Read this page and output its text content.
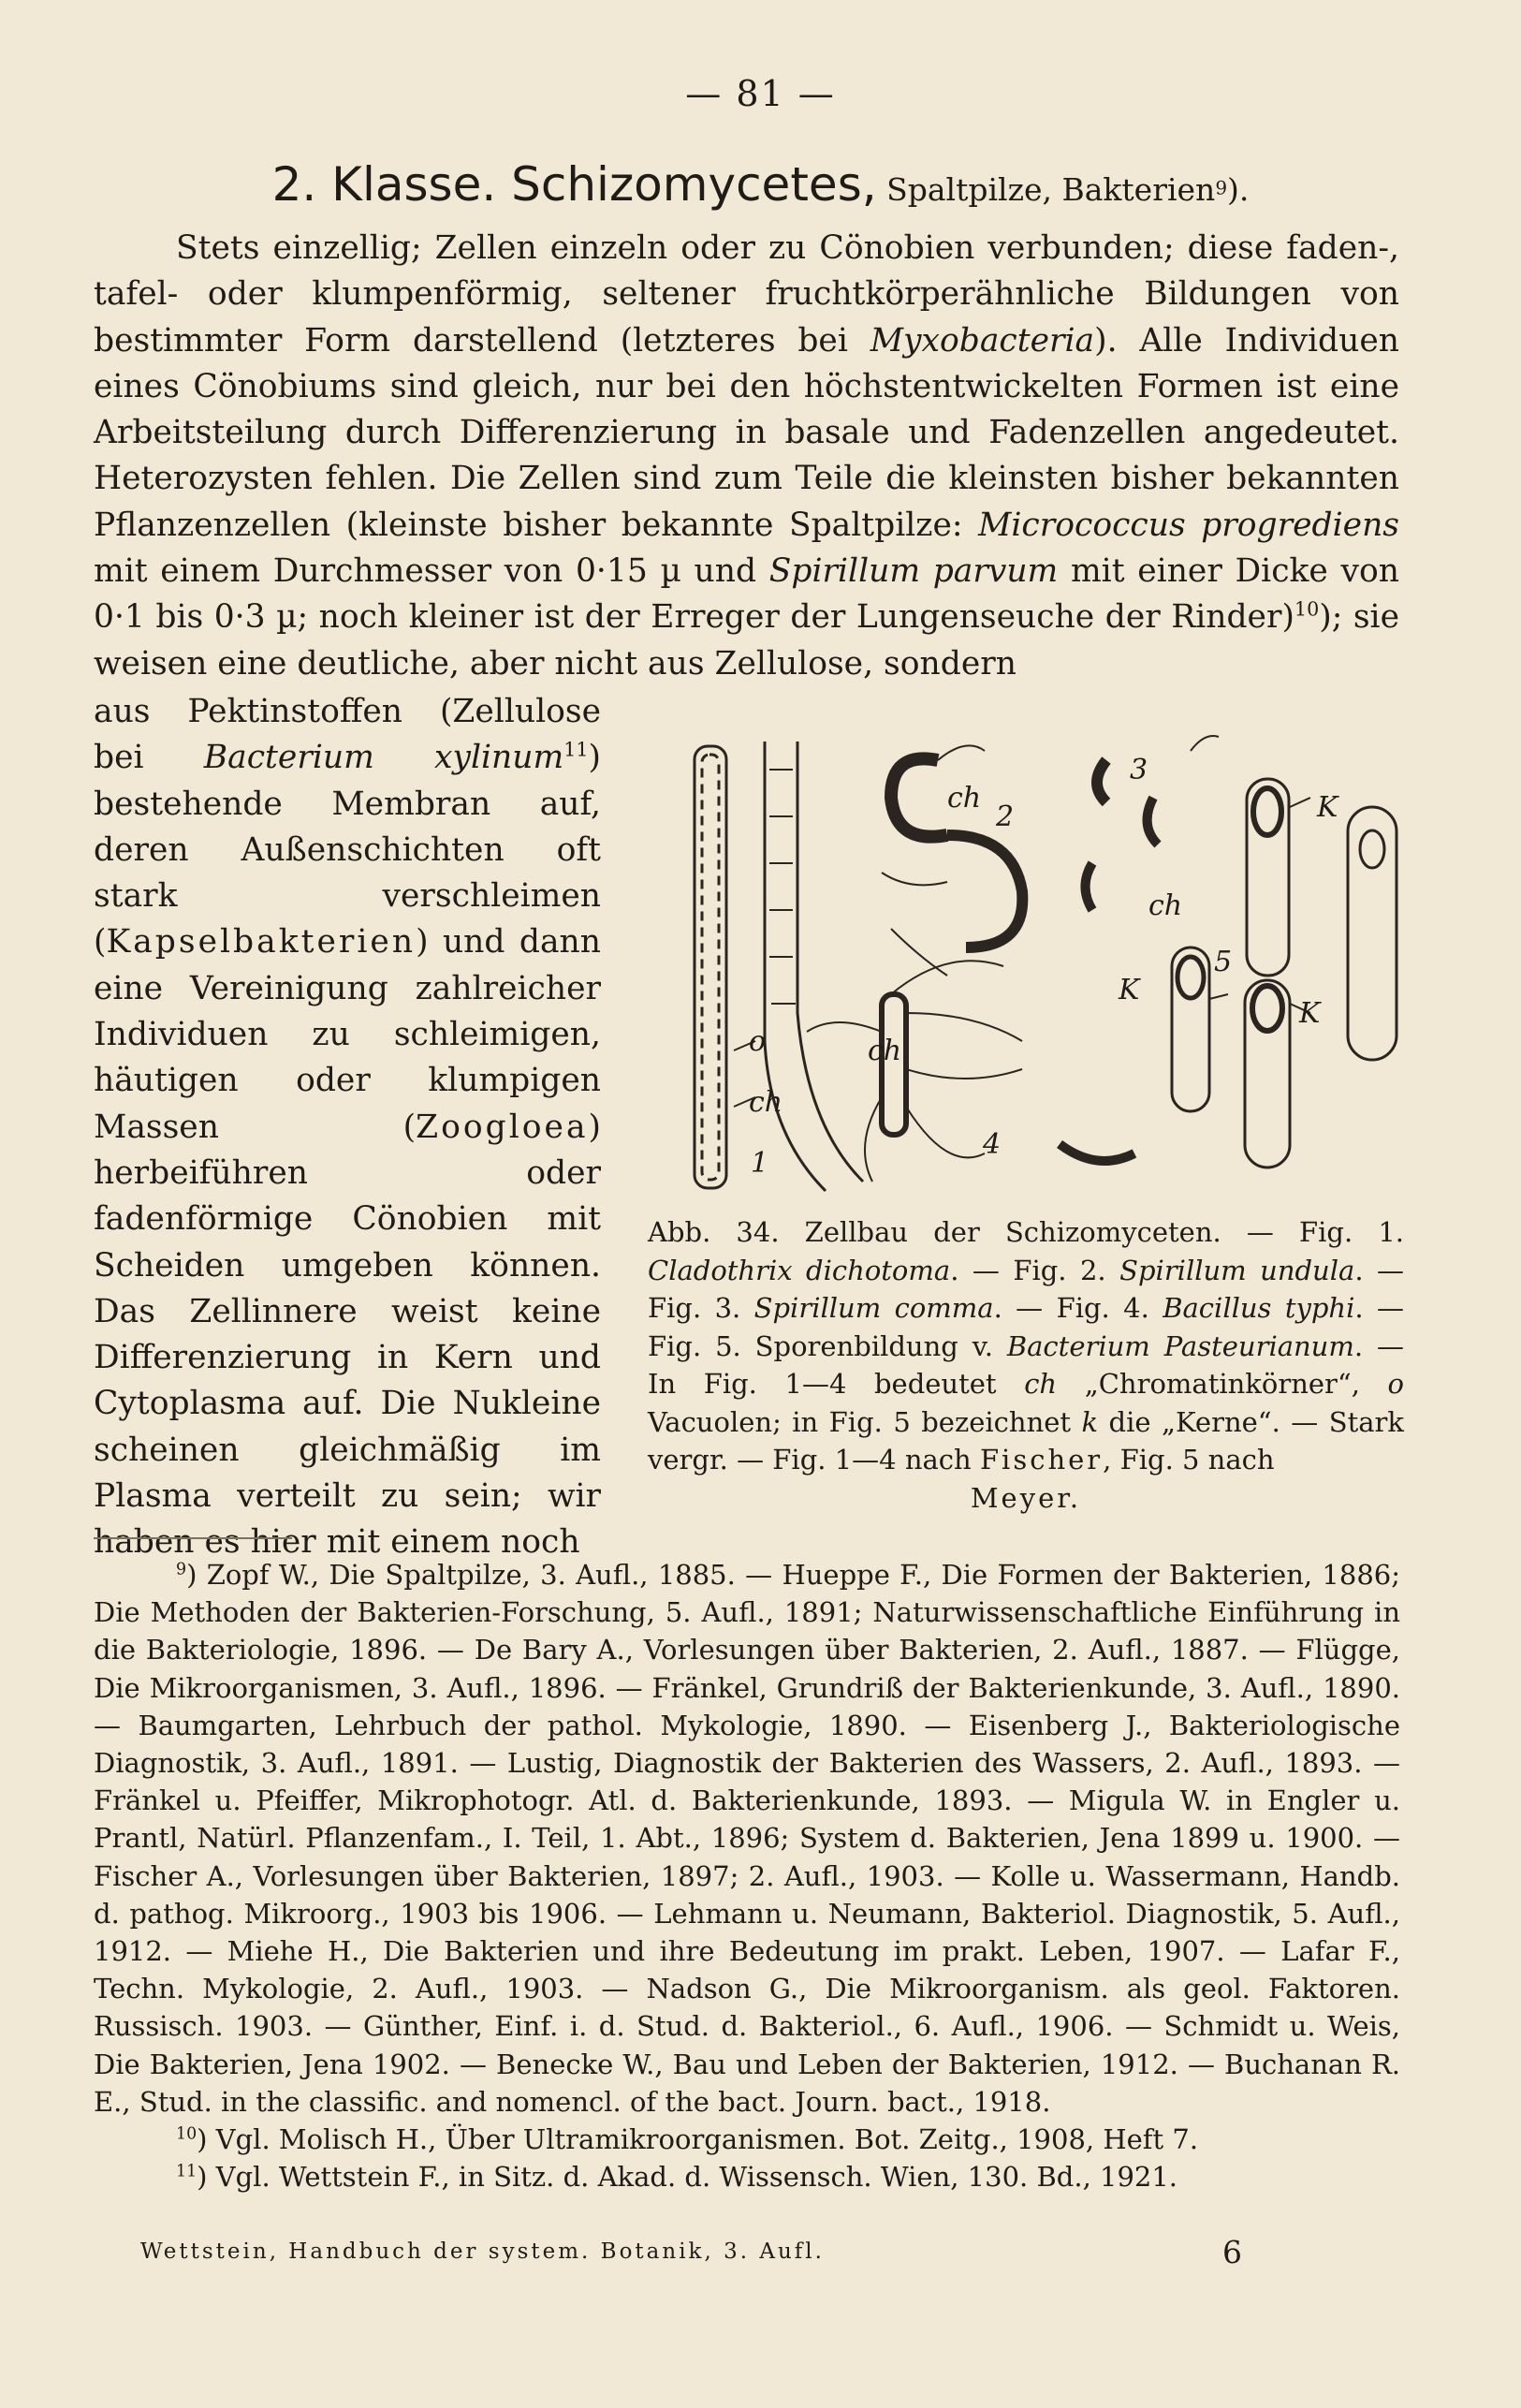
— 81 —
2. Klasse. Schizomycetes, Spaltpilze, Bakterien$^9$).

Stets einzellig; Zellen einzeln oder zu Cönobien verbunden; diese faden-, tafel- oder klumpenförmig, seltener fruchtkörperähnliche Bildungen von bestimmter Form darstellend (letzteres bei Myxobacteria). Alle Individuen eines Cönobiums sind gleich, nur bei den höchstentwickelten Formen ist eine Arbeitsteilung durch Differenzierung in basale und Fadenzellen angedeutet. Heterozysten fehlen. Die Zellen sind zum Teile die kleinsten bisher bekannten Pflanzenzellen (kleinste bisher bekannte Spaltpilze: Micrococcus progrediens mit einem Durchmesser von 0·15 µ und Spirillum parvum mit einer Dicke von 0·1 bis 0·3 µ; noch kleiner ist der Erreger der Lungenseuche der Rinder)$^{10}$); sie weisen eine deutliche, aber nicht aus Zellulose, sondern

aus Pektinstoffen (Zellulose bei Bacterium xylinum$^{11}$) bestehende Membran auf, deren Außenschichten oft stark verschleimen (Kapselbakterien) und dann eine Vereinigung zahlreicher Individuen zu schleimigen, häutigen oder klumpigen Massen (Zoogloea) herbeiführen oder fadenförmige Cönobien mit Scheiden umgeben können. Das Zellinnere weist keine Differenzierung in Kern und Cytoplasma auf. Die Nukleine scheinen gleichmäßig im Plasma verteilt zu sein; wir haben es hier mit einem noch

o
ch
1
ch
2
3
ch
ch
4
5
K
K
K
Abb. 34. Zellbau der Schizomyceten. — Fig. 1. Cladothrix dichotoma. — Fig. 2. Spirillum undula. — Fig. 3. Spirillum comma. — Fig. 4. Bacillus typhi. — Fig. 5. Sporenbildung v. Bacterium Pasteurianum. — In Fig. 1—4 bedeutet ch „Chromatinkörner“, o Vacuolen; in Fig. 5 bezeichnet k die „Kerne“. — Stark vergr. — Fig. 1—4 nach Fischer, Fig. 5 nach
Meyer.

$^9$) Zopf W., Die Spaltpilze, 3. Aufl., 1885. — Hueppe F., Die Formen der Bakterien, 1886; Die Methoden der Bakterien-Forschung, 5. Aufl., 1891; Naturwissenschaftliche Einführung in die Bakteriologie, 1896. — De Bary A., Vorlesungen über Bakterien, 2. Aufl., 1887. — Flügge, Die Mikroorganismen, 3. Aufl., 1896. — Fränkel, Grundriß der Bakterienkunde, 3. Aufl., 1890. — Baumgarten, Lehrbuch der pathol. Mykologie, 1890. — Eisenberg J., Bakteriologische Diagnostik, 3. Aufl., 1891. — Lustig, Diagnostik der Bakterien des Wassers, 2. Aufl., 1893. — Fränkel u. Pfeiffer, Mikrophotogr. Atl. d. Bakterienkunde, 1893. — Migula W. in Engler u. Prantl, Natürl. Pflanzenfam., I. Teil, 1. Abt., 1896; System d. Bakterien, Jena 1899 u. 1900. — Fischer A., Vorlesungen über Bakterien, 1897; 2. Aufl., 1903. — Kolle u. Wassermann, Handb. d. pathog. Mikroorg., 1903 bis 1906. — Lehmann u. Neumann, Bakteriol. Diagnostik, 5. Aufl., 1912. — Miehe H., Die Bakterien und ihre Bedeutung im prakt. Leben, 1907. — Lafar F., Techn. Mykologie, 2. Aufl., 1903. — Nadson G., Die Mikroorganism. als geol. Faktoren. Russisch. 1903. — Günther, Einf. i. d. Stud. d. Bakteriol., 6. Aufl., 1906. — Schmidt u. Weis, Die Bakterien, Jena 1902. — Benecke W., Bau und Leben der Bakterien, 1912. — Buchanan R. E., Stud. in the classific. and nomencl. of the bact. Journ. bact., 1918.

$^{10}$) Vgl. Molisch H., Über Ultramikroorganismen. Bot. Zeitg., 1908, Heft 7.

$^{11}$) Vgl. Wettstein F., in Sitz. d. Akad. d. Wissensch. Wien, 130. Bd., 1921.

Wettstein, Handbuch der system. Botanik, 3. Aufl.	6
